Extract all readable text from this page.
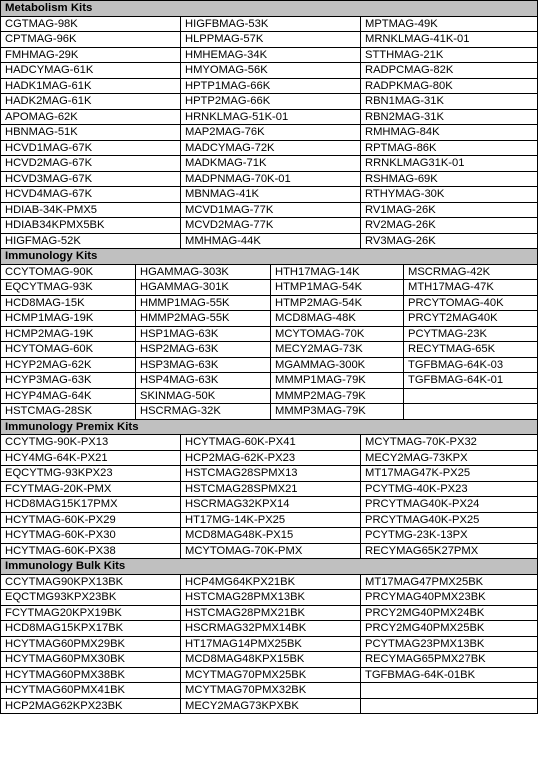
Metabolism Kits					
CGTMAG-98K		HIGFBMAG-53K		MPTMAG-49K	
CPTMAG-96K		HLPPMAG-57K		MRNKLMAG-41K-01	
FMHMAG-29K		HMHEMAG-34K		STTHMAG-21K	
HADCYMAG-61K		HMYOMAG-56K		RADPCMAG-82K	
HADK1MAG-61K		HPTP1MAG-66K		RADPKMAG-80K	
HADK2MAG-61K		HPTP2MAG-66K		RBN1MAG-31K	
APOMAG-62K		HRNKLMAG-51K-01		RBN2MAG-31K	
HBNMAG-51K		MAP2MAG-76K		RMHMAG-84K	
HCVD1MAG-67K		MADCYMAG-72K		RPTMAG-86K	
HCVD2MAG-67K		MADKMAG-71K		RRNKLMAG31K-01	
HCVD3MAG-67K		MADPNMAG-70K-01		RSHMAG-69K	
HCVD4MAG-67K		MBNMAG-41K		RTHYMAG-30K	
HDIAB-34K-PMX5		MCVD1MAG-77K		RV1MAG-26K	
HDIAB34KPMX5BK		MCVD2MAG-77K		RV2MAG-26K	
HIGFMAG-52K		MMHMAG-44K		RV3MAG-26K	
Immunology Kits					
CCYTOMAG-90K	HGAMMAG-303K		HTH17MAG-14K		MSCRMAG-42K
EQCYTMAG-93K	HGAMMAG-301K		HTMP1MAG-54K		MTH17MAG-47K
HCD8MAG-15K	HMMP1MAG-55K		HTMP2MAG-54K		PRCYTOMAG-40K
HCMP1MAG-19K	HMMP2MAG-55K		MCD8MAG-48K		PRCYT2MAG40K
HCMP2MAG-19K	HSP1MAG-63K		MCYTOMAG-70K		PCYTMAG-23K
HCYTOMAG-60K	HSP2MAG-63K		MECY2MAG-73K		RECYTMAG-65K
HCYP2MAG-62K	HSP3MAG-63K		MGAMMAG-300K		TGFBMAG-64K-03
HCYP3MAG-63K	HSP4MAG-63K		MMMP1MAG-79K		TGFBMAG-64K-01
HCYP4MAG-64K	SKINMAG-50K		MMMP2MAG-79K		
HSTCMAG-28SK	HSCRMAG-32K		MMMP3MAG-79K		
Immunology Premix Kits					
CCYTMG-90K-PX13		HCYTMAG-60K-PX41		MCYTMAG-70K-PX32	
HCY4MG-64K-PX21		HCP2MAG-62K-PX23		MECY2MAG-73KPX	
EQCYTMG-93KPX23		HSTCMAG28SPMX13		MT17MAG47K-PX25	
FCYTMAG-20K-PMX		HSTCMAG28SPMX21		PCYTMG-40K-PX23	
HCD8MAG15K17PMX		HSCRMAG32KPX14		PRCYTMAG40K-PX24	
HCYTMAG-60K-PX29		HT17MG-14K-PX25		PRCYTMAG40K-PX25	
HCYTMAG-60K-PX30		MCD8MAG48K-PX15		PCYTMG-23K-13PX	
HCYTMAG-60K-PX38		MCYTOMAG-70K-PMX		RECYMAG65K27PMX	
Immunology Bulk Kits					
CCYTMAG90KPX13BK		HCP4MG64KPX21BK		MT17MAG47PMX25BK	
EQCTMG93KPX23BK		HSTCMAG28PMX13BK		PRCYMAG40PMX23BK	
FCYTMAG20KPX19BK		HSTCMAG28PMX21BK		PRCY2MG40PMX24BK	
HCD8MAG15KPX17BK		HSCRMAG32PMX14BK		PRCY2MG40PMX25BK	
HCYTMAG60PMX29BK		HT17MAG14PMX25BK		PCYTMAG23PMX13BK	
HCYTMAG60PMX30BK		MCD8MAG48KPX15BK		RECYMAG65PMX27BK	
HCYTMAG60PMX38BK		MCYTMAG70PMX25BK		TGFBMAG-64K-01BK	
HCYTMAG60PMX41BK		MCYTMAG70PMX32BK			
HCP2MAG62KPX23BK		MECY2MAG73KPXBK			
